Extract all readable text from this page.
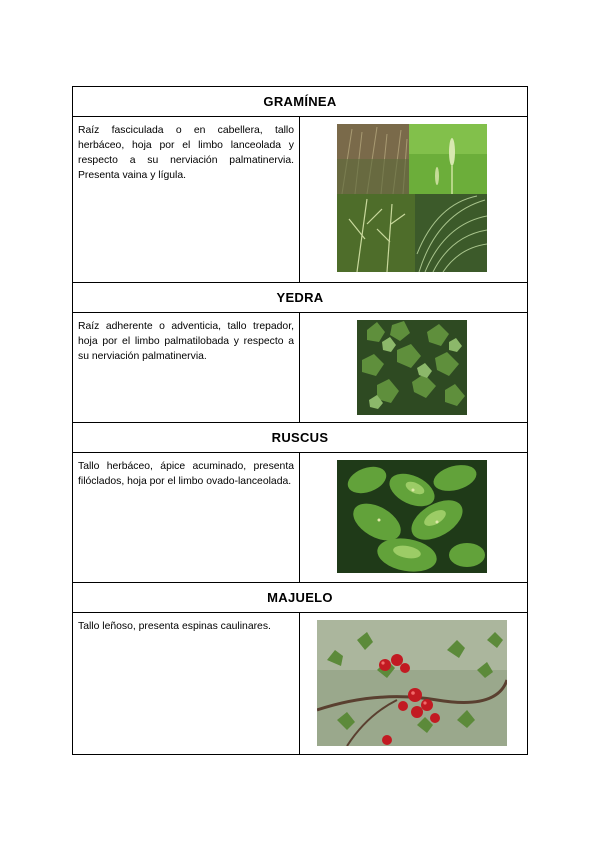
GRAMÍNEA	
Raíz fasciculada o en cabellera, tallo herbáceo, hoja por el limbo lanceolada y respecto a su nerviación palmatinervia. Presenta vaina y lígula.	

YEDRA	
Raíz adherente o adventicia, tallo trepador, hoja por el limbo palmatilobada y respecto a su nerviación palmatinervia.	

RUSCUS	
Tallo herbáceo, ápice acuminado, presenta filóclados, hoja por el limbo ovado-lanceolada.	

MAJUELO	
Tallo leñoso, presenta espinas caulinares.	
